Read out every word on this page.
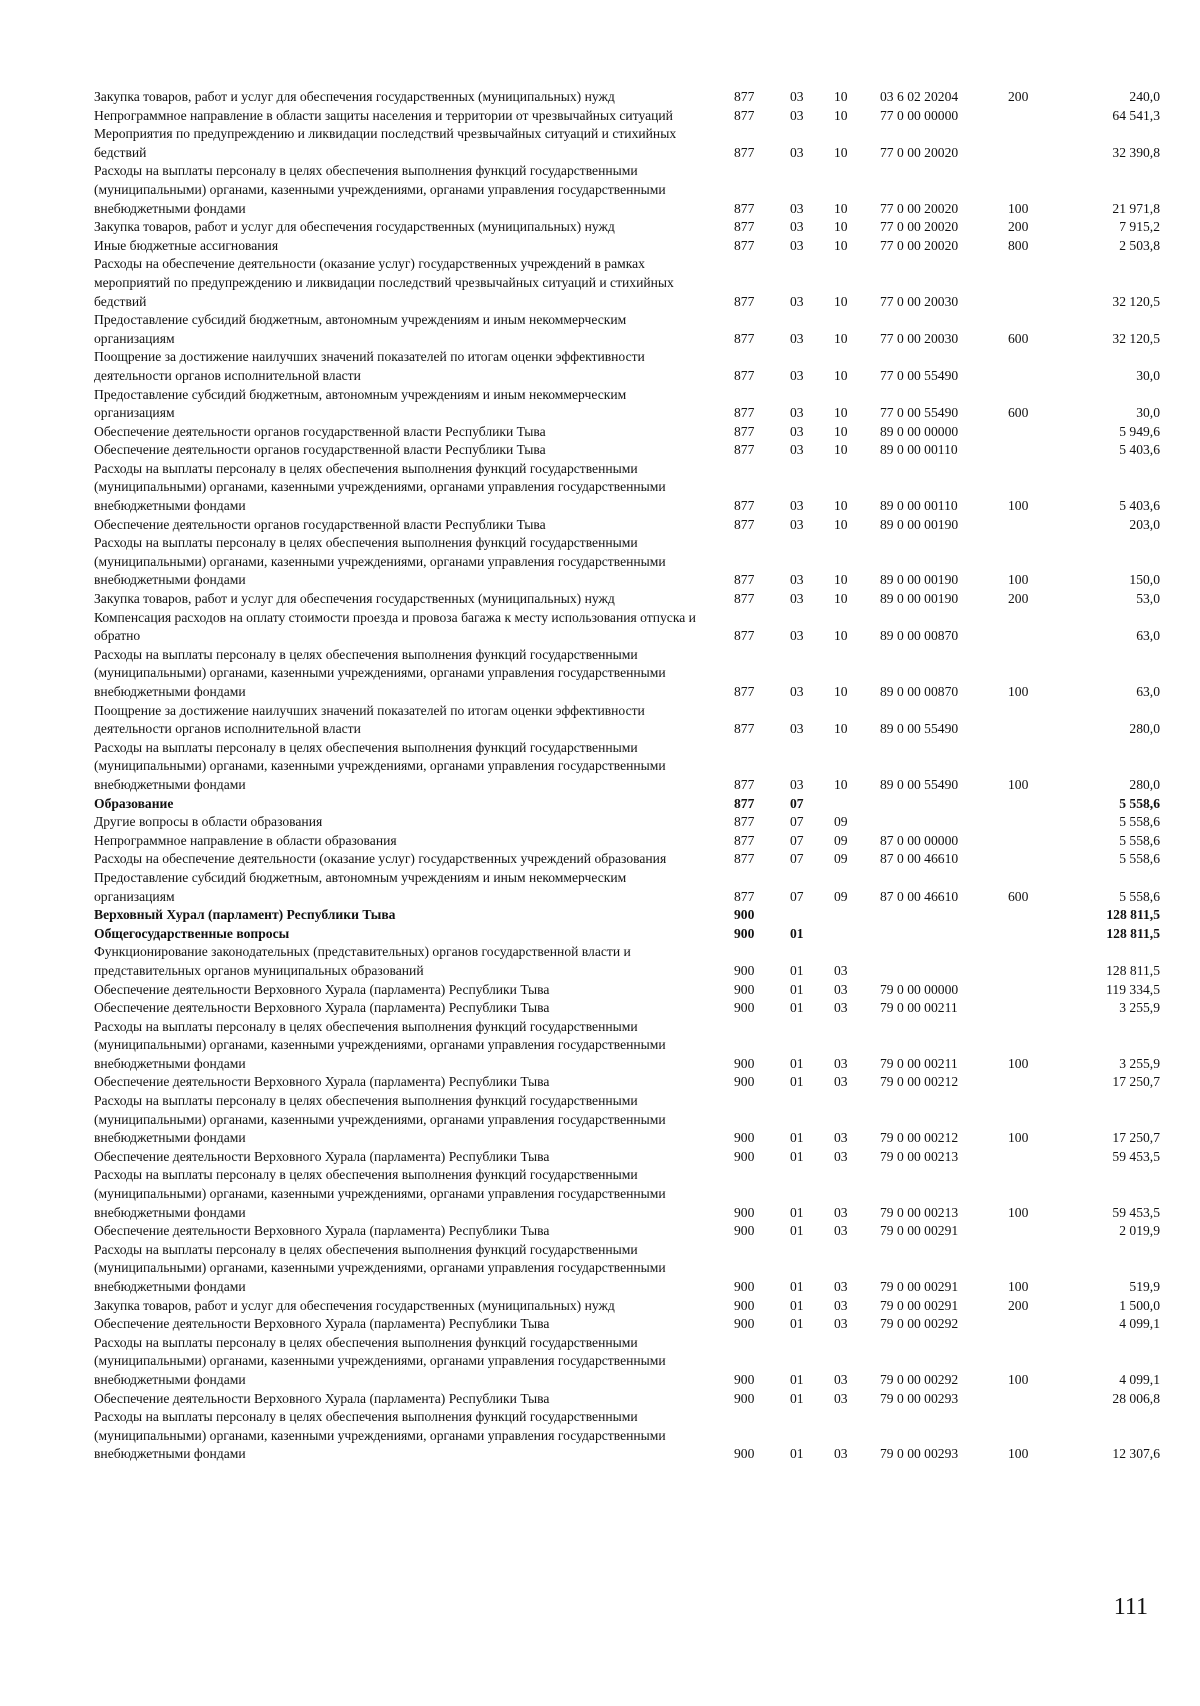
Закупка товаров, работ и услуг для обеспечения государственных (муниципальных) нужд	877	03	10	03 6 02 20204	200	240,0
Непрограммное направление в области защиты населения и территории от чрезвычайных ситуаций	877	03	10	77 0 00 00000		64 541,3
Мероприятия по предупреждению и ликвидации последствий чрезвычайных ситуаций и стихийных бедствий	877	03	10	77 0 00 20020		32 390,8
Расходы на выплаты персоналу в целях обеспечения выполнения функций государственными (муниципальными) органами, казенными учреждениями, органами управления государственными внебюджетными фондами	877	03	10	77 0 00 20020	100	21 971,8
Закупка товаров, работ и услуг для обеспечения государственных (муниципальных) нужд	877	03	10	77 0 00 20020	200	7 915,2
Иные бюджетные ассигнования	877	03	10	77 0 00 20020	800	2 503,8
Расходы на обеспечение деятельности (оказание услуг) государственных учреждений в рамках мероприятий по предупреждению и ликвидации последствий чрезвычайных ситуаций и стихийных бедствий	877	03	10	77 0 00 20030		32 120,5
Предоставление субсидий бюджетным, автономным учреждениям и иным некоммерческим организациям	877	03	10	77 0 00 20030	600	32 120,5
Поощрение за достижение наилучших значений показателей по итогам оценки эффективности деятельности органов исполнительной власти	877	03	10	77 0 00 55490		30,0
Предоставление субсидий бюджетным, автономным учреждениям и иным некоммерческим организациям	877	03	10	77 0 00 55490	600	30,0
Обеспечение деятельности органов государственной власти Республики Тыва	877	03	10	89 0 00 00000		5 949,6
Обеспечение деятельности органов государственной власти Республики Тыва	877	03	10	89 0 00 00110		5 403,6
Расходы на выплаты персоналу в целях обеспечения выполнения функций государственными (муниципальными) органами, казенными учреждениями, органами управления государственными внебюджетными фондами	877	03	10	89 0 00 00110	100	5 403,6
Обеспечение деятельности органов государственной власти Республики Тыва	877	03	10	89 0 00 00190		203,0
Расходы на выплаты персоналу в целях обеспечения выполнения функций государственными (муниципальными) органами, казенными учреждениями, органами управления государственными внебюджетными фондами	877	03	10	89 0 00 00190	100	150,0
Закупка товаров, работ и услуг для обеспечения государственных (муниципальных) нужд	877	03	10	89 0 00 00190	200	53,0
Компенсация расходов на оплату стоимости проезда и провоза багажа к месту использования отпуска и обратно	877	03	10	89 0 00 00870		63,0
Расходы на выплаты персоналу в целях обеспечения выполнения функций государственными (муниципальными) органами, казенными учреждениями, органами управления государственными внебюджетными фондами	877	03	10	89 0 00 00870	100	63,0
Поощрение за достижение наилучших значений показателей по итогам оценки эффективности деятельности органов исполнительной власти	877	03	10	89 0 00 55490		280,0
Расходы на выплаты персоналу в целях обеспечения выполнения функций государственными (муниципальными) органами, казенными учреждениями, органами управления государственными внебюджетными фондами	877	03	10	89 0 00 55490	100	280,0
Образование	877	07				5 558,6
Другие вопросы в области образования	877	07	09			5 558,6
Непрограммное направление в области образования	877	07	09	87 0 00 00000		5 558,6
Расходы на обеспечение деятельности (оказание услуг) государственных учреждений образования	877	07	09	87 0 00 46610		5 558,6
Предоставление субсидий бюджетным, автономным учреждениям и иным некоммерческим организациям	877	07	09	87 0 00 46610	600	5 558,6
Верховный Хурал (парламент) Республики Тыва	900					128 811,5
Общегосударственные вопросы	900	01				128 811,5
Функционирование законодательных (представительных) органов государственной власти и представительных органов муниципальных образований	900	01	03			128 811,5
Обеспечение деятельности Верховного Хурала (парламента) Республики Тыва	900	01	03	79 0 00 00000		119 334,5
Обеспечение деятельности Верховного Хурала (парламента) Республики Тыва	900	01	03	79 0 00 00211		3 255,9
Расходы на выплаты персоналу в целях обеспечения выполнения функций государственными (муниципальными) органами, казенными учреждениями, органами управления государственными внебюджетными фондами	900	01	03	79 0 00 00211	100	3 255,9
Обеспечение деятельности Верховного Хурала (парламента) Республики Тыва	900	01	03	79 0 00 00212		17 250,7
Расходы на выплаты персоналу в целях обеспечения выполнения функций государственными (муниципальными) органами, казенными учреждениями, органами управления государственными внебюджетными фондами	900	01	03	79 0 00 00212	100	17 250,7
Обеспечение деятельности Верховного Хурала (парламента) Республики Тыва	900	01	03	79 0 00 00213		59 453,5
Расходы на выплаты персоналу в целях обеспечения выполнения функций государственными (муниципальными) органами, казенными учреждениями, органами управления государственными внебюджетными фондами	900	01	03	79 0 00 00213	100	59 453,5
Обеспечение деятельности Верховного Хурала (парламента) Республики Тыва	900	01	03	79 0 00 00291		2 019,9
Расходы на выплаты персоналу в целях обеспечения выполнения функций государственными (муниципальными) органами, казенными учреждениями, органами управления государственными внебюджетными фондами	900	01	03	79 0 00 00291	100	519,9
Закупка товаров, работ и услуг для обеспечения государственных (муниципальных) нужд	900	01	03	79 0 00 00291	200	1 500,0
Обеспечение деятельности Верховного Хурала (парламента) Республики Тыва	900	01	03	79 0 00 00292		4 099,1
Расходы на выплаты персоналу в целях обеспечения выполнения функций государственными (муниципальными) органами, казенными учреждениями, органами управления государственными внебюджетными фондами	900	01	03	79 0 00 00292	100	4 099,1
Обеспечение деятельности Верховного Хурала (парламента) Республики Тыва	900	01	03	79 0 00 00293		28 006,8
Расходы на выплаты персоналу в целях обеспечения выполнения функций государственными (муниципальными) органами, казенными учреждениями, органами управления государственными внебюджетными фондами	900	01	03	79 0 00 00293	100	12 307,6
111
